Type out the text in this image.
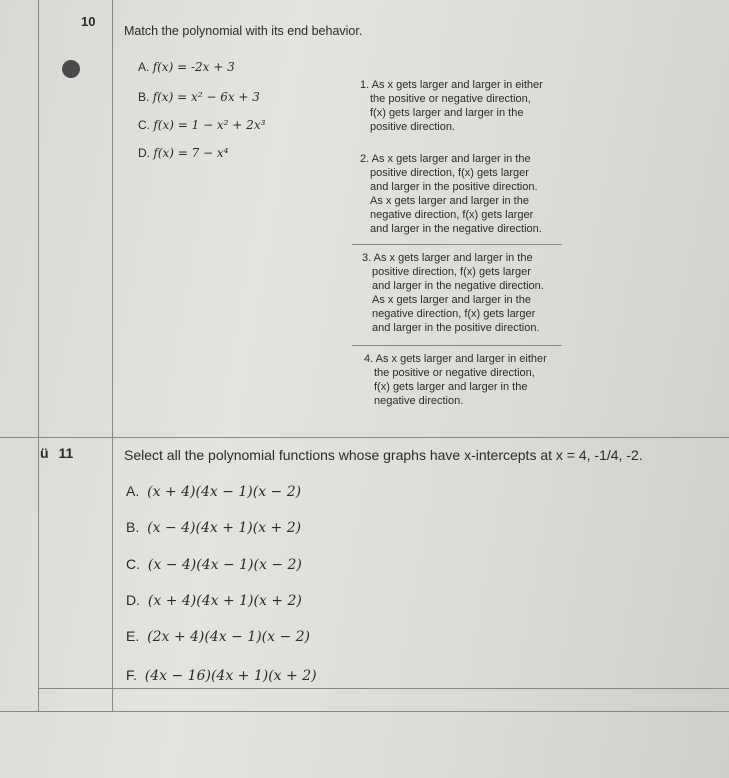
10
Match the polynomial with its end behavior.
A. f(x) = -2x + 3
B. f(x) = x² − 6x + 3
C. f(x) = 1 − x² + 2x³
D. f(x) = 7 − x⁴
1. As x gets larger and larger in either
the positive or negative direction,
f(x) gets larger and larger in the
positive direction.
2. As x gets larger and larger in the
positive direction, f(x) gets larger
and larger in the positive direction.
As x gets larger and larger in the
negative direction, f(x) gets larger
and larger in the negative direction.
3. As x gets larger and larger in the
positive direction, f(x) gets larger
and larger in the negative direction.
As x gets larger and larger in the
negative direction, f(x) gets larger
and larger in the positive direction.
4. As x gets larger and larger in either
the positive or negative direction,
f(x) gets larger and larger in the
negative direction.
ü 11	Select all the polynomial functions whose graphs have x-intercepts at x = 4, -1/4, -2.
A. (x + 4)(4x − 1)(x − 2)
B. (x − 4)(4x + 1)(x + 2)
C. (x − 4)(4x − 1)(x − 2)
D. (x + 4)(4x + 1)(x + 2)
E. (2x + 4)(4x − 1)(x − 2)
F. (4x − 16)(4x + 1)(x + 2)
